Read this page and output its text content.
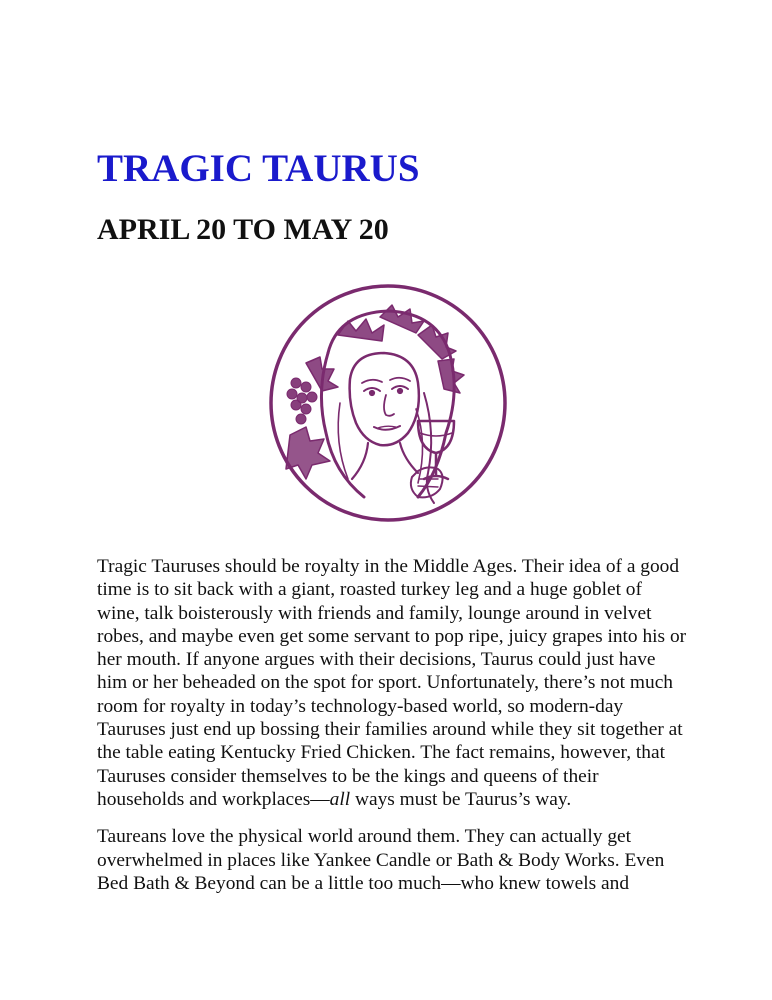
TRAGIC TAURUS
APRIL 20 TO MAY 20

Tragic Tauruses should be royalty in the Middle Ages. Their idea of a good
time is to sit back with a giant, roasted turkey leg and a huge goblet of
wine, talk boisterously with friends and family, lounge around in velvet
robes, and maybe even get some servant to pop ripe, juicy grapes into his or
her mouth. If anyone argues with their decisions, Taurus could just have
him or her beheaded on the spot for sport. Unfortunately, there’s not much
room for royalty in today’s technology-based world, so modern-day
Tauruses just end up bossing their families around while they sit together at
the table eating Kentucky Fried Chicken. The fact remains, however, that
Tauruses consider themselves to be the kings and queens of their
households and workplaces—all ways must be Taurus’s way.

Taureans love the physical world around them. They can actually get
overwhelmed in places like Yankee Candle or Bath & Body Works. Even
Bed Bath & Beyond can be a little too much—who knew towels and
